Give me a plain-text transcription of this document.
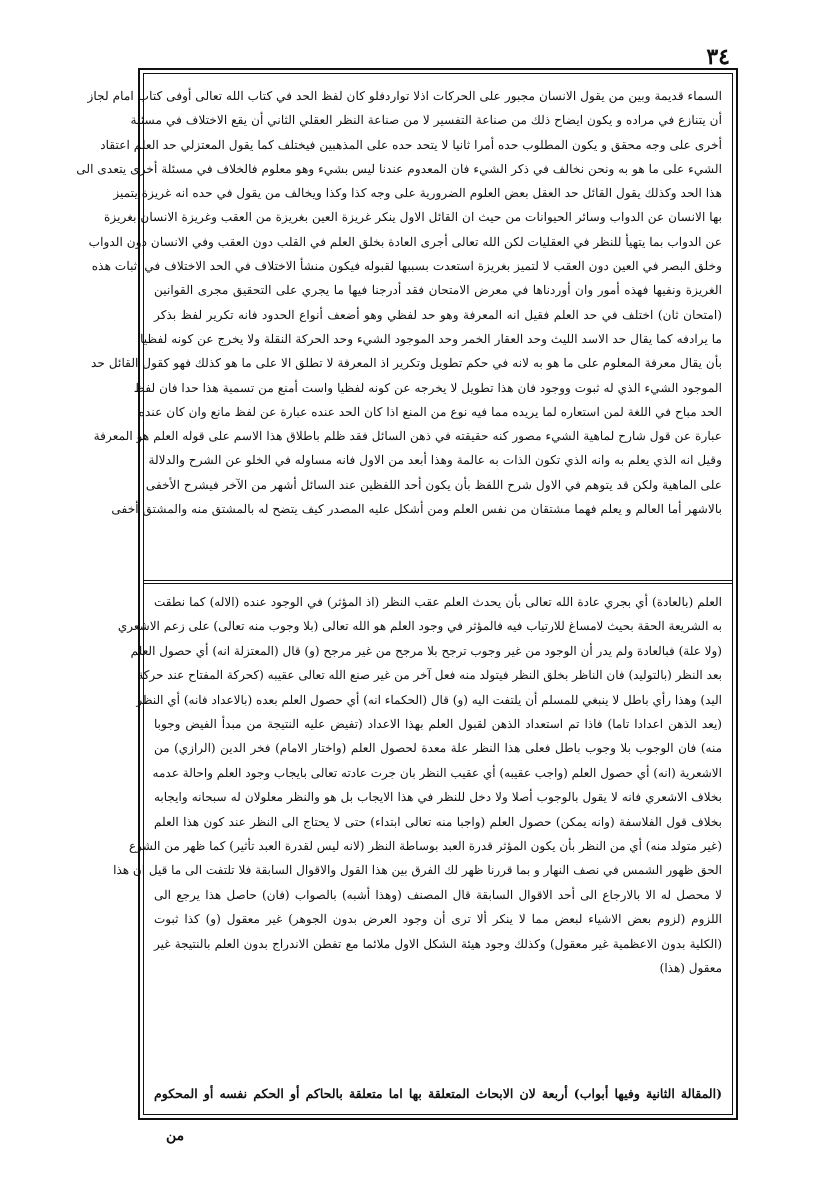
٣٤
السماء قديمة وبين من يقول الانسان مجبور على الحركات اذلا تواردفلو كان لفظ الحد في كتاب الله تعالى أوفى كتاب امام لجاز
أن يتنازع في مراده و يكون ايضاح ذلك من صناعة التفسير لا من صناعة النظر العقلي الثاني أن يقع الاختلاف في مسئلة
أخرى على وجه محقق و يكون المطلوب حده أمرا ثانيا لا يتحد حده على المذهبين فيختلف كما يقول المعتزلي حد العلم اعتقاد
الشيء على ما هو به ونحن نخالف في ذكر الشيء فان المعدوم عندنا ليس بشيء وهو معلوم فالخلاف في مسئلة أخرى يتعدى الى
هذا الحد وكذلك يقول القائل حد العقل بعض العلوم الضرورية على وجه كذا وكذا ويخالف من يقول في حده انه غريزة يتميز
بها الانسان عن الدواب وسائر الحيوانات من حيث ان القائل الاول ينكر غريزة العين بغريزة من العقب وغريزة الانسان بغريزة
عن الدواب بما يتهيأ للنظر في العقليات لكن الله تعالى أجرى العادة بخلق العلم في القلب دون العقب وفي الانسان دون الدواب
وخلق البصر في العين دون العقب لا لتميز بغريزة استعدت بسببها لقبوله فيكون منشأ الاختلاف في الحد الاختلاف في اثبات هذه
الغريزة ونفيها فهذه أمور وان أوردناها في معرض الامتحان فقد أدرجنا فيها ما يجري على التحقيق مجرى القوانين
(امتحان ثان) اختلف في حد العلم فقيل انه المعرفة وهو حد لفظي وهو أضعف أنواع الحدود فانه تكرير لفظ بذكر
ما يرادفه كما يقال حد الاسد الليث وحد العقار الخمر وحد الموجود الشيء وحد الحركة النقلة ولا يخرج عن كونه لفظيا
بأن يقال معرفة المعلوم على ما هو به لانه في حكم تطويل وتكرير اذ المعرفة لا تطلق الا على ما هو كذلك فهو كقول القائل حد
الموجود الشيء الذي له ثبوت ووجود فان هذا تطويل لا يخرجه عن كونه لفظيا واست أمنع من تسمية هذا حدا فان لفظ
الحد مباح في اللغة لمن استعاره لما يريده مما فيه نوع من المنع اذا كان الحد عنده عبارة عن لفظ مانع وان كان عنده
عبارة عن قول شارح لماهية الشيء مصور كنه حقيقته في ذهن السائل فقد ظلم باطلاق هذا الاسم على قوله العلم هو المعرفة
وقيل انه الذي يعلم به وانه الذي تكون الذات به عالمة وهذا أبعد من الاول فانه مساوله في الخلو عن الشرح والدلالة
على الماهية ولكن قد يتوهم في الاول شرح اللفظ بأن يكون أحد اللفظين عند السائل أشهر من الآخر فيشرح الأخفى
بالاشهر أما العالم و يعلم فهما مشتقان من نفس العلم ومن أشكل عليه المصدر كيف يتضح له بالمشتق منه والمشتق أخفى
العلم (بالعادة) أي بجري عادة الله تعالى بأن يحدث العلم عقب النظر (اذ المؤثر) في الوجود عنده (الاله) كما نطقت
به الشريعة الحقة بحيث لامساغ للارتياب فيه فالمؤثر في وجود العلم هو الله تعالى (بلا وجوب منه تعالى) على زعم الاشعري
(ولا علة) فبالعادة ولم يدر أن الوجود من غير وجوب ترجح بلا مرجح من غير مرجح (و) قال (المعتزلة انه) أي حصول العلم
بعد النظر (بالتوليد) فان الناظر بخلق النظر فيتولد منه فعل آخر من غير صنع الله تعالى عقيبه (كحركة المفتاح عند حركة
اليد) وهذا رأي باطل لا ينبغي للمسلم أن يلتفت اليه (و) قال (الحكماء انه) أي حصول العلم بعده (بالاعداد فانه) أي النظر
(يعد الذهن اعدادا تاما) فاذا تم استعداد الذهن لقبول العلم بهذا الاعداد (تفيض عليه النتيجة من مبدأ الفيض وجوبا
منه) فان الوجوب بلا وجوب باطل فعلى هذا النظر علة معدة لحصول العلم (واختار الامام) فخر الدين (الرازي) من
الاشعرية (انه) أي حصول العلم (واجب عقيبه) أي عقيب النظر بان جرت عادته تعالى بايجاب وجود العلم واحالة عدمه
بخلاف الاشعري فانه لا يقول بالوجوب أصلا ولا دخل للنظر في هذا الايجاب بل هو والنظر معلولان له سبحانه وايجابه
بخلاف قول الفلاسفة (وانه يمكن) حصول العلم (واجبا منه تعالى ابتداء) حتى لا يحتاج الى النظر عند كون هذا العلم
(غير متولد منه) أي من النظر بأن يكون المؤثر قدرة العبد بوساطة النظر (لانه ليس لقدرة العبد تأثير) كما ظهر من الشرع
الحق ظهور الشمس في نصف النهار و بما قررنا ظهر لك الفرق بين هذا القول والاقوال السابقة فلا تلتفت الى ما قيل ان هذا
لا محصل له الا بالارجاع الى أحد الاقوال السابقة قال المصنف (وهذا أشبه) بالصواب (فان) حاصل هذا يرجع الى
اللزوم (لزوم بعض الاشياء لبعض مما لا ينكر ألا ترى أن وجود العرض بدون الجوهر) غير معقول (و) كذا ثبوت
(الكلية بدون الاعظمية غير معقول) وكذلك وجود هيئة الشكل الاول ملائما مع تفطن الاندراج بدون العلم بالنتيجة غير
معقول (هذا)
(المقالة الثانية وفيها أبواب) أربعة لان الابحاث المتعلقة بها اما متعلقة بالحاكم أو الحكم نفسه أو المحكوم
من
